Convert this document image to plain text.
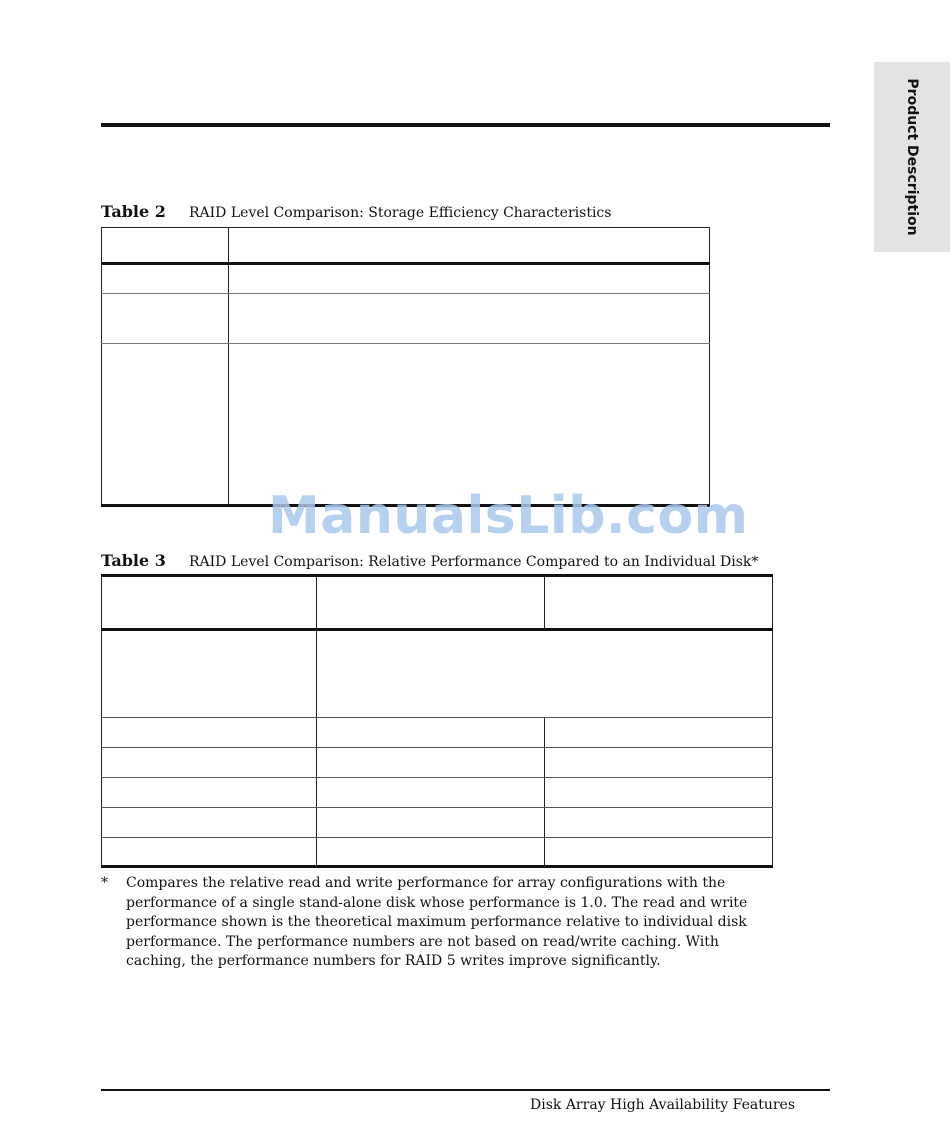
Product Description
Table 2 RAID Level Comparison: Storage Efficiency Characteristics

ManualsLib.com
Table 3 RAID Level Comparison: Relative Performance Compared to an Individual Disk*

* Compares the relative read and write performance for array configurations with the performance of a single stand-alone disk whose performance is 1.0. The read and write performance shown is the theoretical maximum performance relative to individual disk performance. The performance numbers are not based on read/write caching. With caching, the performance numbers for RAID 5 writes improve significantly.
Disk Array High Availability Features
